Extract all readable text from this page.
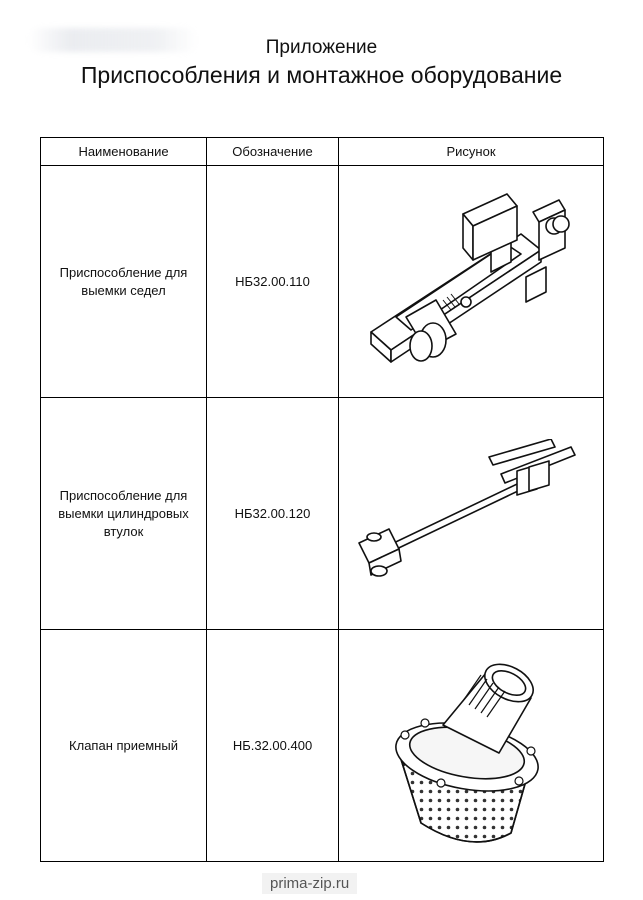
Приложение
Приспособления и монтажное оборудование
Наименование	Обозначение	Рисунок
Приспособление для
выемки седел	НБ32.00.110	

Приспособление для
выемки цилиндровых
втулок	НБ32.00.120	

Клапан приемный	НБ.32.00.400	
prima-zip.ru
